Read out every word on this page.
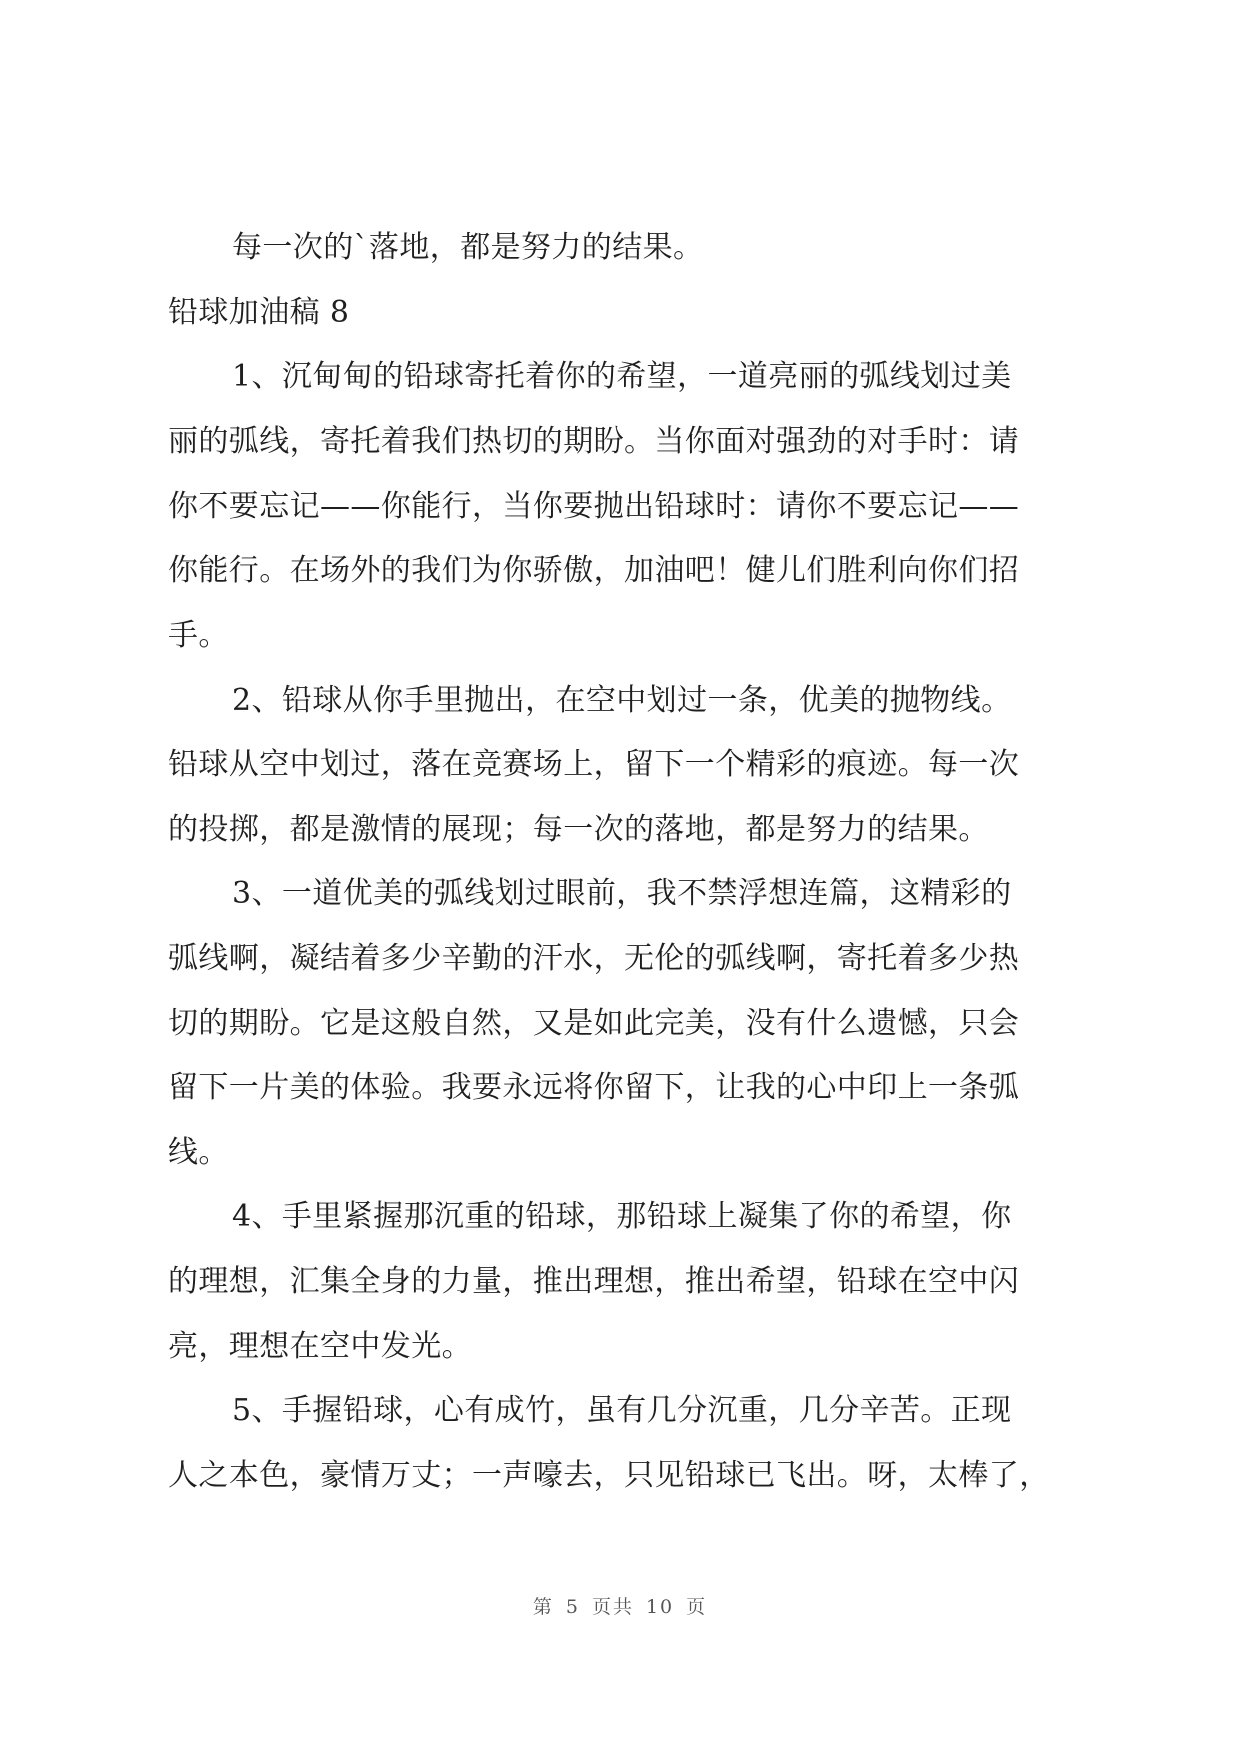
每一次的`落地，都是努力的结果。
铅球加油稿 8
1、沉甸甸的铅球寄托着你的希望，一道亮丽的弧线划过美
丽的弧线，寄托着我们热切的期盼。当你面对强劲的对手时：请
你不要忘记——你能行，当你要抛出铅球时：请你不要忘记——
你能行。在场外的我们为你骄傲，加油吧！健儿们胜利向你们招
手。
2、铅球从你手里抛出，在空中划过一条，优美的抛物线。
铅球从空中划过，落在竞赛场上，留下一个精彩的痕迹。每一次
的投掷，都是激情的展现；每一次的落地，都是努力的结果。
3、一道优美的弧线划过眼前，我不禁浮想连篇，这精彩的
弧线啊，凝结着多少辛勤的汗水，无伦的弧线啊，寄托着多少热
切的期盼。它是这般自然，又是如此完美，没有什么遗憾，只会
留下一片美的体验。我要永远将你留下，让我的心中印上一条弧
线。
4、手里紧握那沉重的铅球，那铅球上凝集了你的希望，你
的理想，汇集全身的力量，推出理想，推出希望，铅球在空中闪
亮，理想在空中发光。
5、手握铅球，心有成竹，虽有几分沉重，几分辛苦。正现
人之本色，豪情万丈；一声嚎去，只见铅球已飞出。呀，太棒了，
第 5 页共 10 页
